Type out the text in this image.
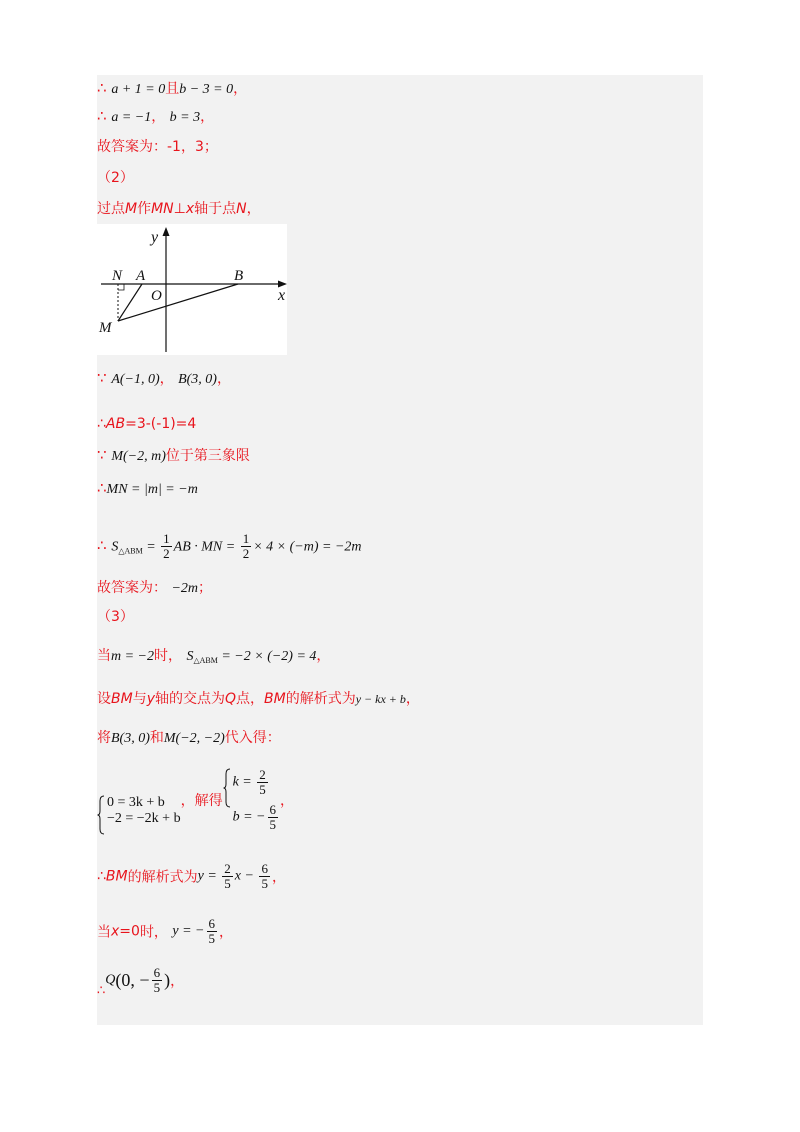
∴ a + 1 = 0且b − 3 = 0，
∴ a = −1， b = 3，
故答案为：-1，3；
（2）
过点M作MN⊥x轴于点N，
y
x
N A
O
B
M
∵ A(−1, 0)， B(3, 0)，
∴AB=3-(-1)=4
∵ M(−2, m)位于第三象限
∴MN = |m| = −m
∴ $S_{\triangle ABM} = \frac{1}{2}$ AB · MN = $\frac{1}{2} \times 4 \times (-m) = -2m$
故答案为： −2m；
（3）
当m = −2时， $S_{\triangle ABM} = -2 \times (-2) = 4$，
设BM与y轴的交点为Q点，BM的解析式为y − kx + b，
将B(3, 0)和M(−2, −2)代入得：
0 = 3k + b
−2 = −2k + b
，解得
$k = \frac{2}{5}$
b = − $\frac{6}{5}$
，
∴BM的解析式为$y = \frac{2}{5}$ $x - \frac{6}{5}$ ，
当x=0时， y = − $\frac{6}{5}$ ，
∴Q(0, − $\frac{6}{5}$ )，
